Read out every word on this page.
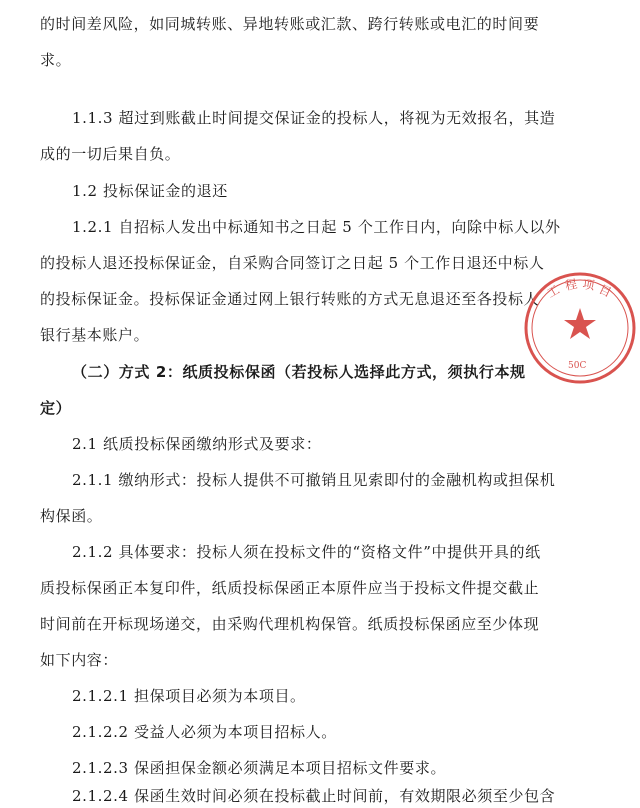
的时间差风险，如同城转账、异地转账或汇款、跨行转账或电汇的时间要
求。
1.1.3 超过到账截止时间提交保证金的投标人，将视为无效报名，其造
成的一切后果自负。
1.2 投标保证金的退还
1.2.1 自招标人发出中标通知书之日起 5 个工作日内，向除中标人以外
的投标人退还投标保证金，自采购合同签订之日起 5 个工作日退还中标人
的投标保证金。投标保证金通过网上银行转账的方式无息退还至各投标人
银行基本账户。
（二）方式 2：纸质投标保函（若投标人选择此方式，须执行本规
定）
2.1 纸质投标保函缴纳形式及要求：
2.1.1 缴纳形式：投标人提供不可撤销且见索即付的金融机构或担保机
构保函。
2.1.2 具体要求：投标人须在投标文件的“资格文件”中提供开具的纸
质投标保函正本复印件，纸质投标保函正本原件应当于投标文件提交截止
时间前在开标现场递交，由采购代理机构保管。纸质投标保函应至少体现
如下内容：
2.1.2.1 担保项目必须为本项目。
2.1.2.2 受益人必须为本项目招标人。
2.1.2.3 保函担保金额必须满足本项目招标文件要求。
2.1.2.4 保函生效时间必须在投标截止时间前，有效期限必须至少包含
工 程 项 目
50C
